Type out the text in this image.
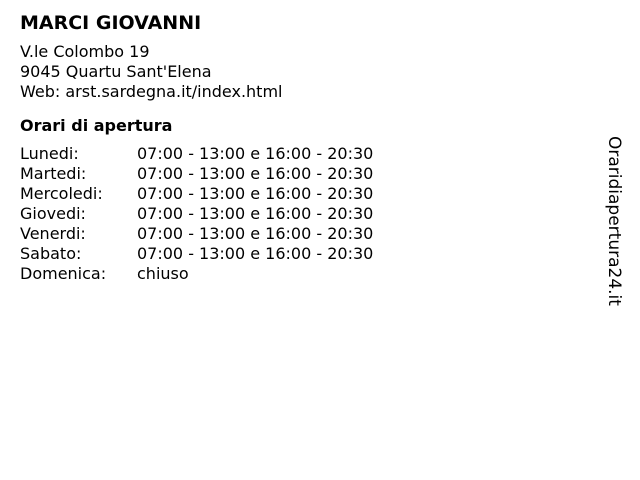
MARCI GIOVANNI
V.le Colombo 19
9045 Quartu Sant'Elena
Web: arst.sardegna.it/index.html
Orari di apertura
Lunedi:	07:00 - 13:00 e 16:00 - 20:30
Martedi:	07:00 - 13:00 e 16:00 - 20:30
Mercoledi:	07:00 - 13:00 e 16:00 - 20:30
Giovedi:	07:00 - 13:00 e 16:00 - 20:30
Venerdi:	07:00 - 13:00 e 16:00 - 20:30
Sabato:	07:00 - 13:00 e 16:00 - 20:30
Domenica:	chiuso	Oraridiapertura24.it
